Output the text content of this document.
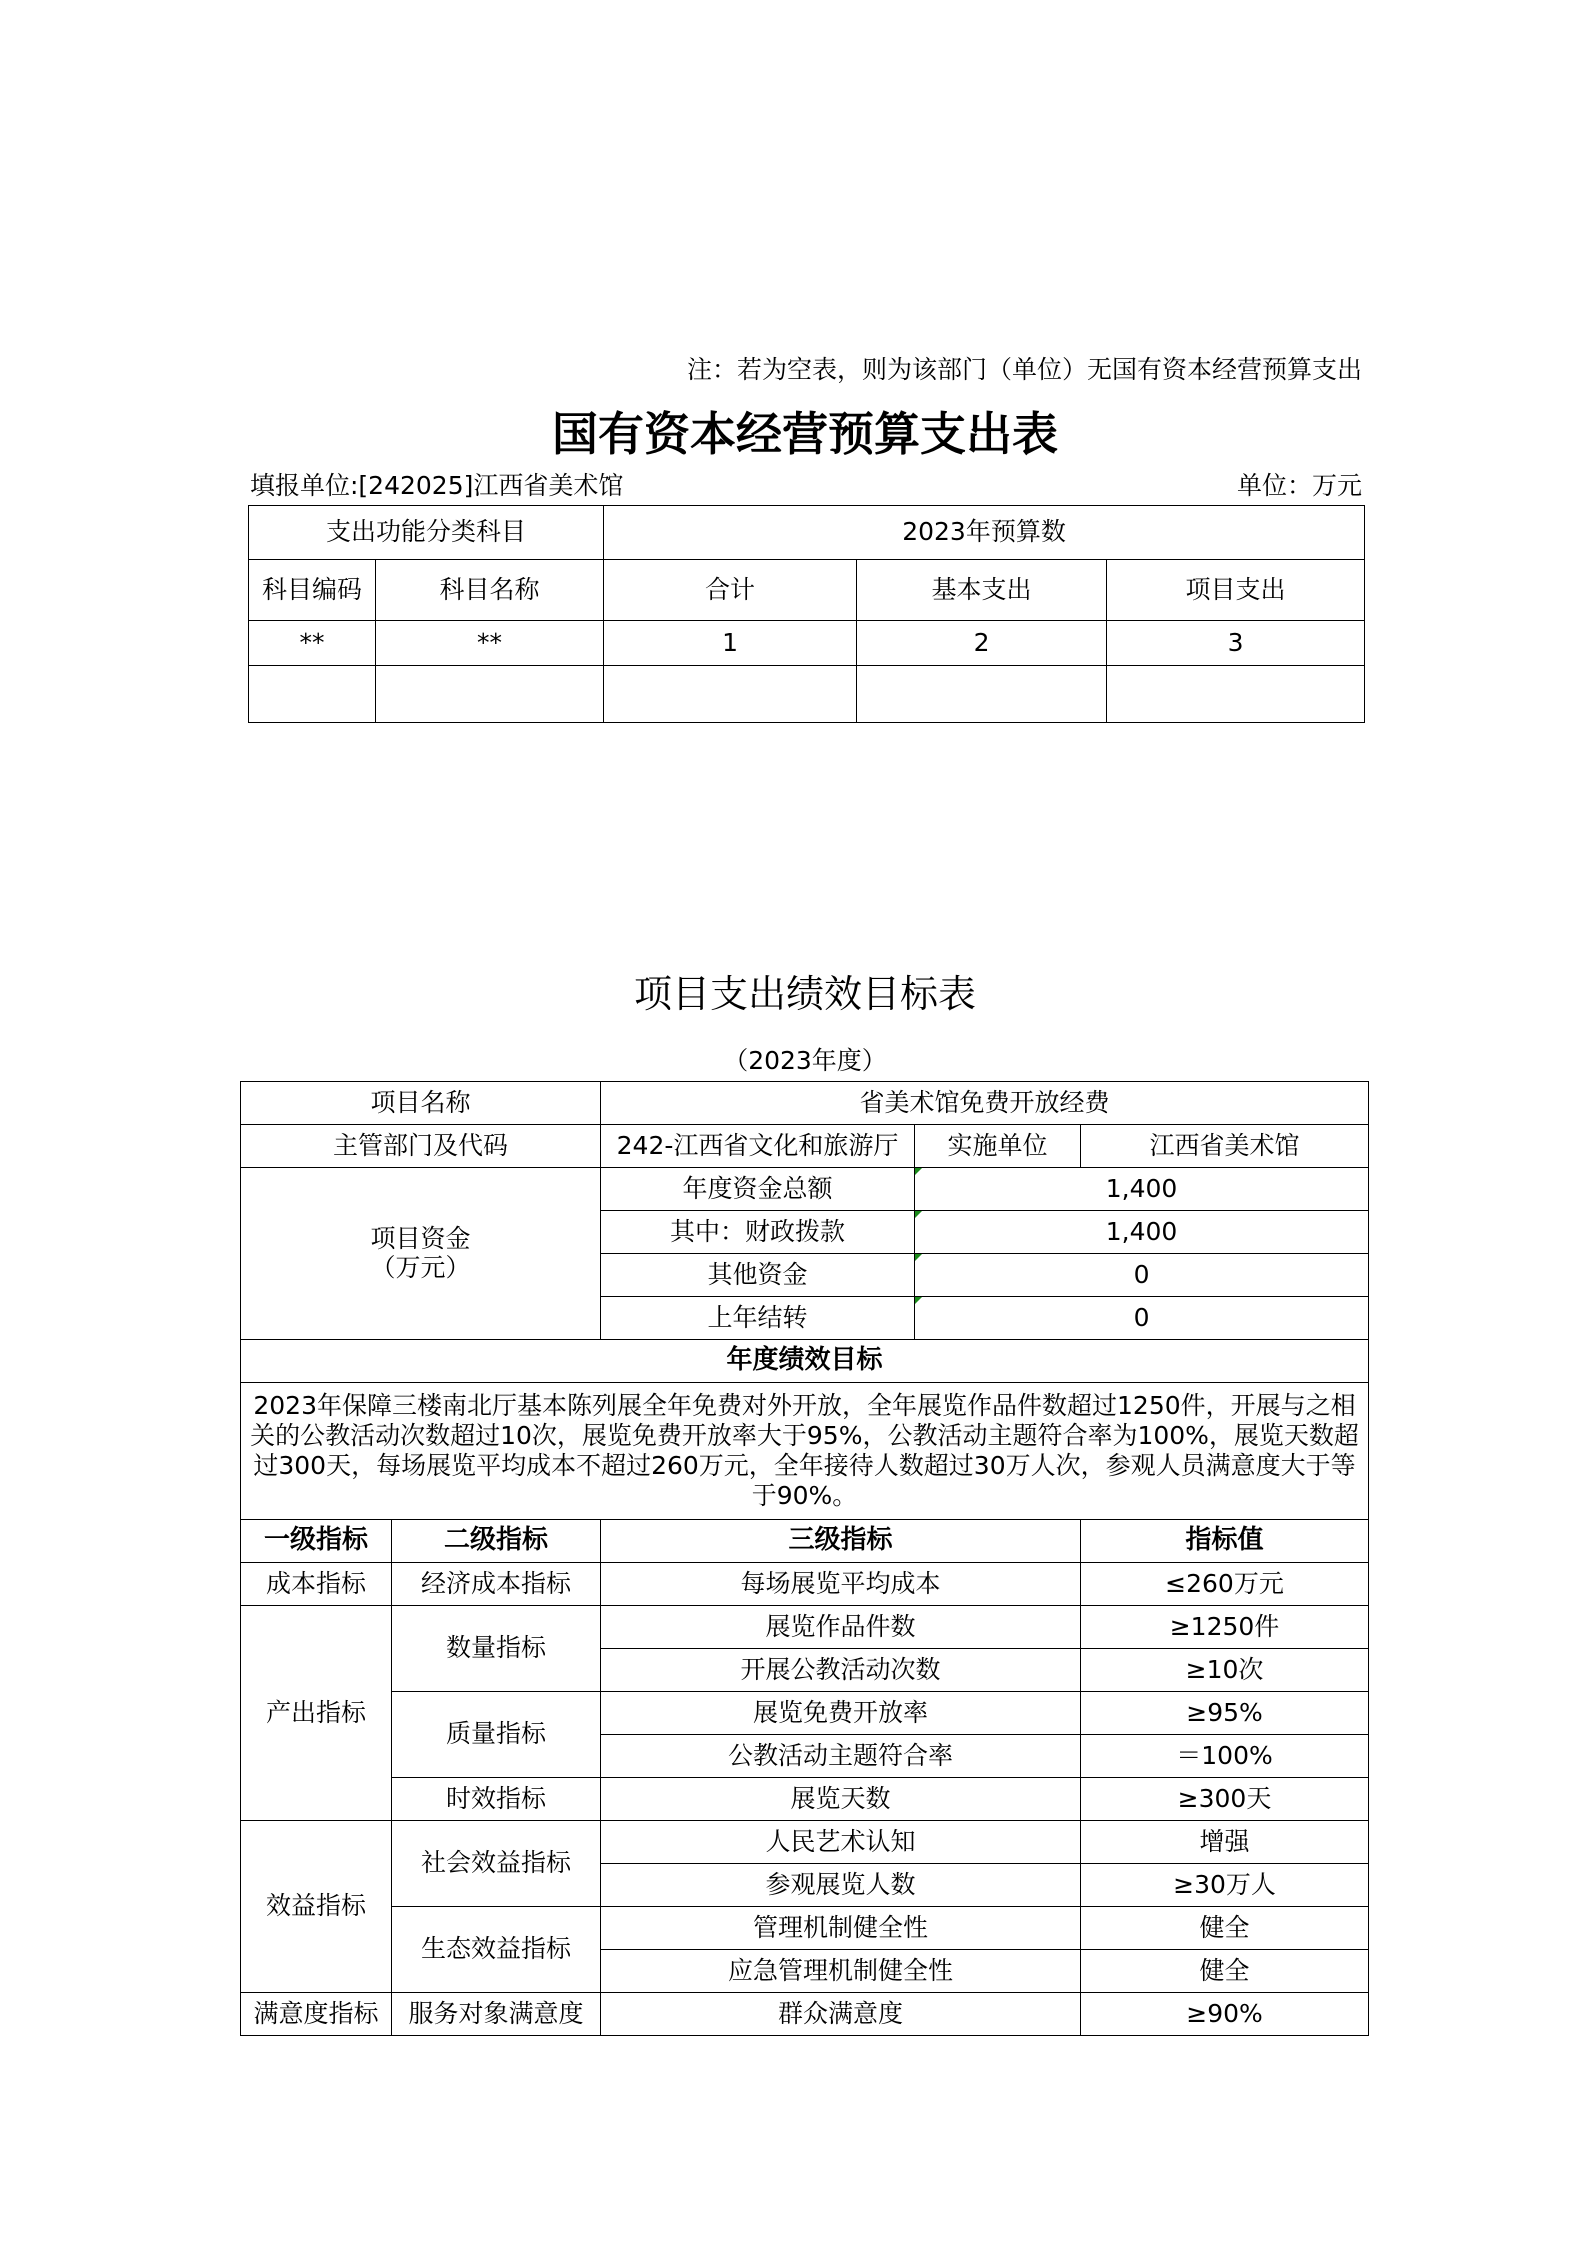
注：若为空表，则为该部门（单位）无国有资本经营预算支出
国有资本经营预算支出表
填报单位:[242025]江西省美术馆	单位：万元
支出功能分类科目		2023年预算数		
科目编码	科目名称	合计	基本支出	项目支出
**	**	1	2	3

项目支出绩效目标表
（2023年度）
项目名称		省美术馆免费开放经费		
主管部门及代码		242-江西省文化和旅游厅	实施单位	江西省美术馆
项目资金
（万元）		年度资金总额	1,400	
		其中：财政拨款	1,400	
		其他资金	0	
		上年结转	0	
年度绩效目标				
2023年保障三楼南北厅基本陈列展全年免费对外开放，全年展览作品件数超过1250件，开展与之相关的公教活动次数超过10次，展览免费开放率大于95%，公教活动主题符合率为100%，展览天数超过300天，每场展览平均成本不超过260万元，全年接待人数超过30万人次，参观人员满意度大于等于90%。				
一级指标	二级指标	三级指标		指标值
成本指标	经济成本指标	每场展览平均成本		≤260万元
产出指标	数量指标	展览作品件数		≥1250件
		开展公教活动次数		≥10次
	质量指标	展览免费开放率		≥95%
		公教活动主题符合率		＝100%
	时效指标	展览天数		≥300天
效益指标	社会效益指标	人民艺术认知		增强
		参观展览人数		≥30万人
	生态效益指标	管理机制健全性		健全
		应急管理机制健全性		健全
满意度指标	服务对象满意度	群众满意度		≥90%
